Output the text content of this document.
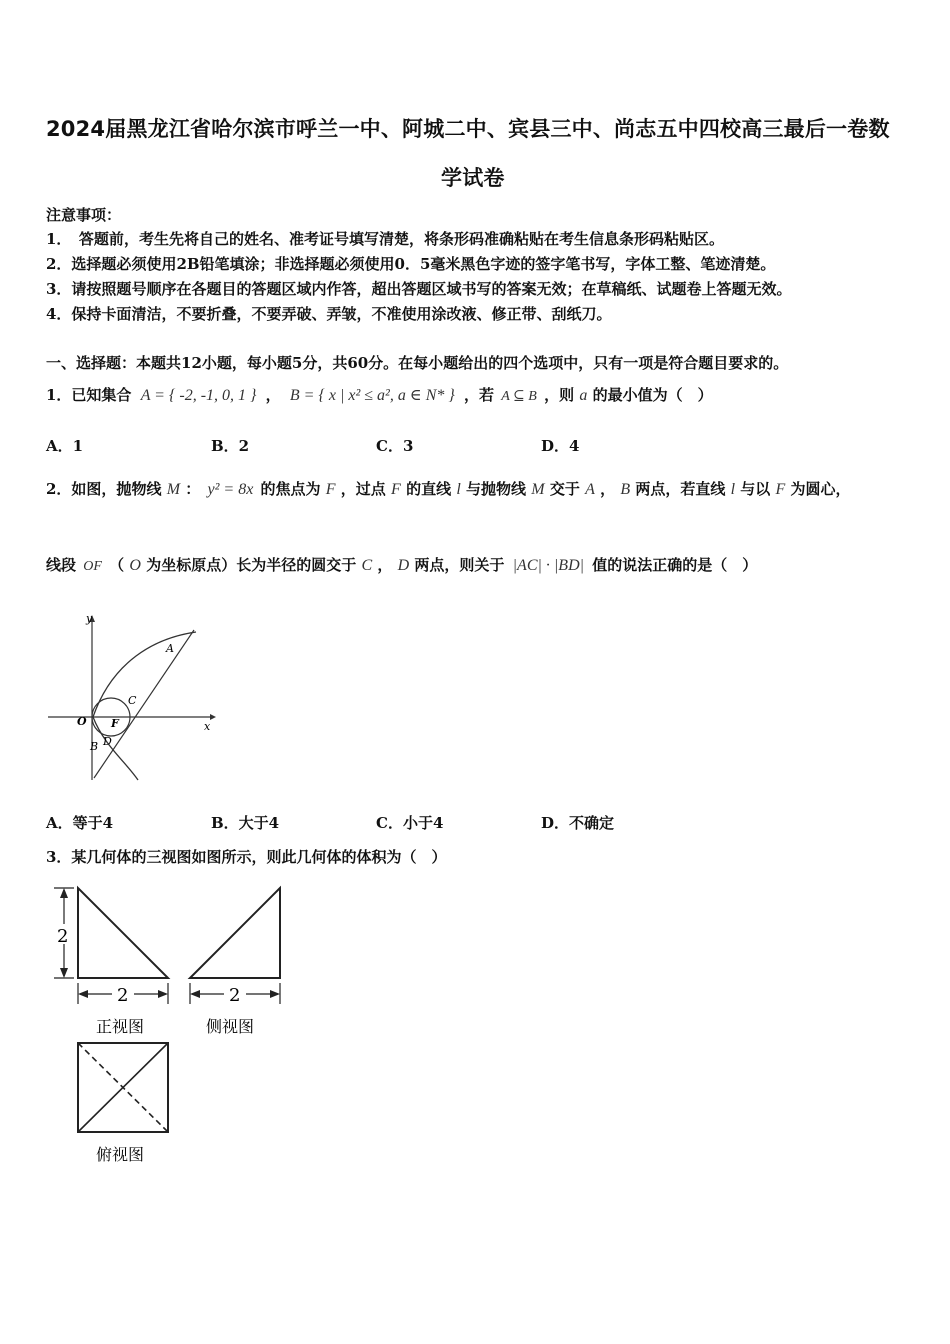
2024届黑龙江省哈尔滨市呼兰一中、阿城二中、宾县三中、尚志五中四校高三最后一卷数
学试卷
注意事项：
1．　答题前，考生先将自己的姓名、准考证号填写清楚，将条形码准确粘贴在考生信息条形码粘贴区。
2．选择题必须使用2B铅笔填涂；非选择题必须使用0．5毫米黑色字迹的签字笔书写，字体工整、笔迹清楚。
3．请按照题号顺序在各题目的答题区域内作答，超出答题区域书写的答案无效；在草稿纸、试题卷上答题无效。
4．保持卡面清洁，不要折叠，不要弄破、弄皱，不准使用涂改液、修正带、刮纸刀。
一、选择题：本题共12小题，每小题5分，共60分。在每小题给出的四个选项中，只有一项是符合题目要求的。
1．已知集合 A = { -2, -1, 0, 1 } ， B = { x | x² ≤ a², a ∈ N* } ，若 A ⊆ B ，则 a 的最小值为（　）
A．1	B．2	C．3	D．4
2．如图，抛物线 M ： y² = 8x 的焦点为 F ，过点 F 的直线 l 与抛物线 M 交于 A ， B 两点，若直线 l 与以 F 为圆心，
线段 OF （ O 为坐标原点）长为半径的圆交于 C ， D 两点，则关于 |AC| · |BD| 值的说法正确的是（　）
y
x
O F
A
C
D
B
A．等于4	B．大于4	C．小于4	D．不确定
3．某几何体的三视图如图所示，则此几何体的体积为（　）
2
2	2
正视图	侧视图
俯视图
